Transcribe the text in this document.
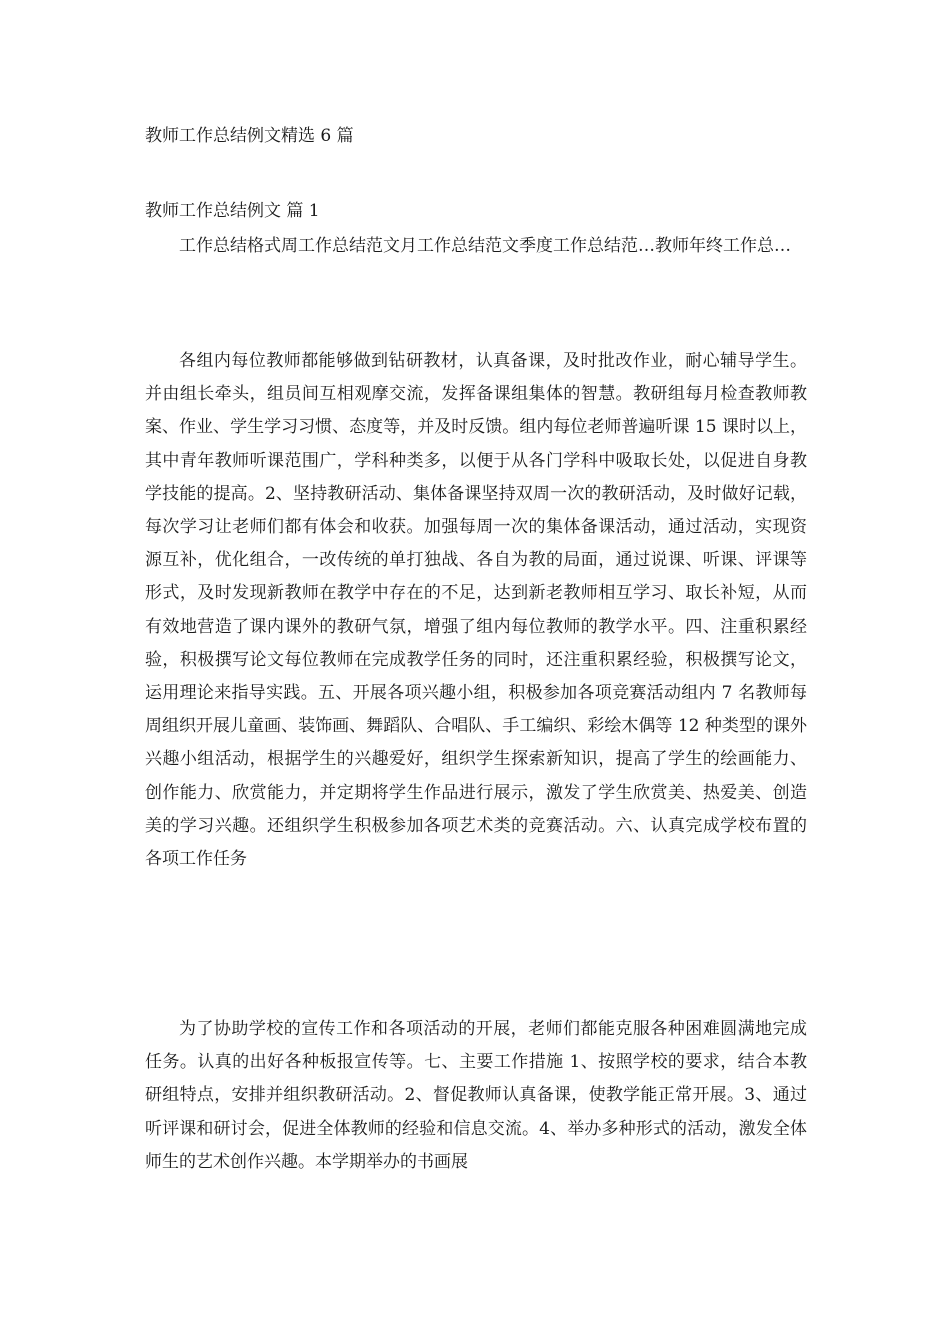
教师工作总结例文精选 6 篇
教师工作总结例文 篇 1

工作总结格式周工作总结范文月工作总结范文季度工作总结范…教师年终工作总…

各组内每位教师都能够做到钻研教材，认真备课，及时批改作业，耐心辅导学生。并由组长牵头，组员间互相观摩交流，发挥备课组集体的智慧。教研组每月检查教师教案、作业、学生学习习惯、态度等，并及时反馈。组内每位老师普遍听课 15 课时以上，其中青年教师听课范围广，学科种类多，以便于从各门学科中吸取长处，以促进自身教学技能的提高。2、坚持教研活动、集体备课坚持双周一次的教研活动，及时做好记载，每次学习让老师们都有体会和收获。加强每周一次的集体备课活动，通过活动，实现资源互补，优化组合，一改传统的单打独战、各自为教的局面，通过说课、听课、评课等形式，及时发现新教师在教学中存在的不足，达到新老教师相互学习、取长补短，从而有效地营造了课内课外的教研气氛，增强了组内每位教师的教学水平。四、注重积累经验，积极撰写论文每位教师在完成教学任务的同时，还注重积累经验，积极撰写论文，运用理论来指导实践。五、开展各项兴趣小组，积极参加各项竞赛活动组内 7 名教师每周组织开展儿童画、装饰画、舞蹈队、合唱队、手工编织、彩绘木偶等 12 种类型的课外兴趣小组活动，根据学生的兴趣爱好，组织学生探索新知识，提高了学生的绘画能力、创作能力、欣赏能力，并定期将学生作品进行展示，激发了学生欣赏美、热爱美、创造美的学习兴趣。还组织学生积极参加各项艺术类的竞赛活动。六、认真完成学校布置的各项工作任务

为了协助学校的宣传工作和各项活动的开展，老师们都能克服各种困难圆满地完成任务。认真的出好各种板报宣传等。七、主要工作措施 1、按照学校的要求，结合本教研组特点，安排并组织教研活动。2、督促教师认真备课，使教学能正常开展。3、通过听评课和研讨会，促进全体教师的经验和信息交流。4、举办多种形式的活动，激发全体师生的艺术创作兴趣。本学期举办的书画展
